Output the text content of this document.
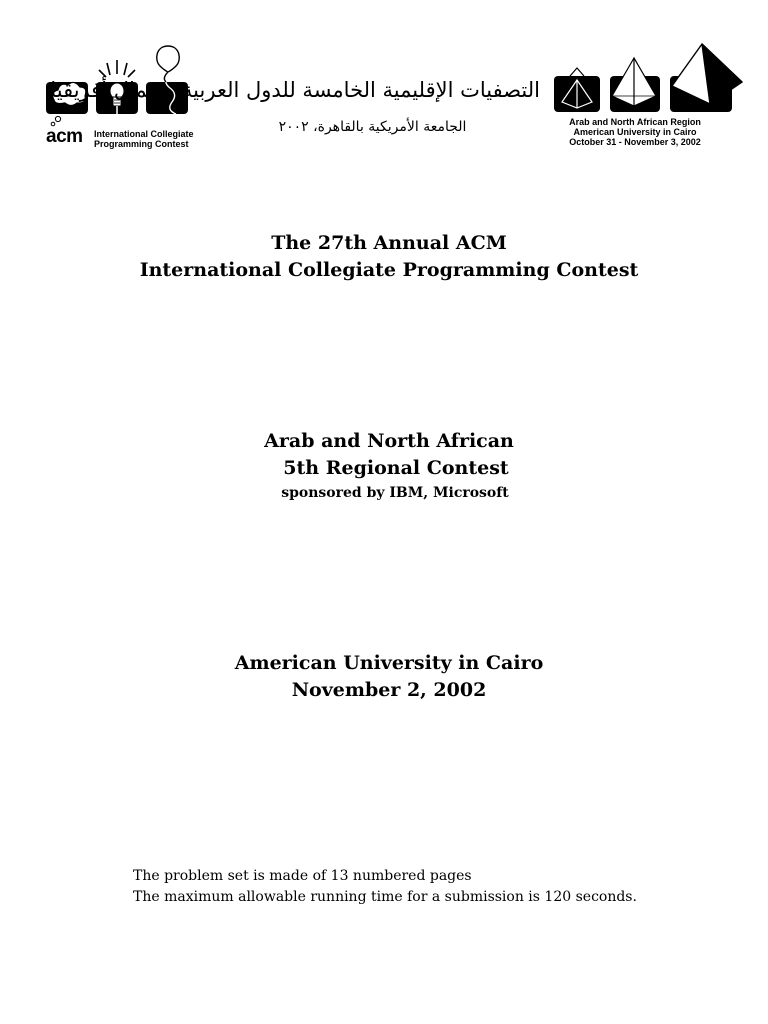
acm International Collegiate
Programming Contest
التصفيات الإقليمية الخامسة للدول العربية وشمال أفريقيا
الجامعة الأمريكية بالقاهرة، ٢٠٠٢	Arab and North African Region
American University in Cairo
October 31 - November 3, 2002
The 27th Annual ACM
International Collegiate Programming Contest
Arab and North African
5th Regional Contest
sponsored by IBM, Microsoft
American University in Cairo
November 2, 2002
The problem set is made of 13 numbered pages
The maximum allowable running time for a submission is 120 seconds.
